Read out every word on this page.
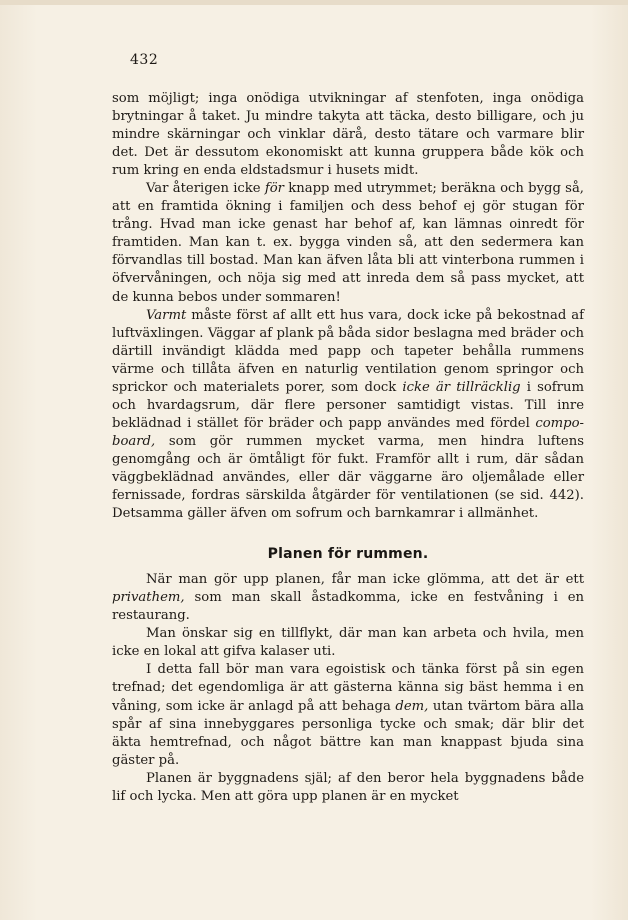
432

som möjligt; inga onödiga utvikningar af stenfoten, inga onödiga brytningar å taket. Ju mindre takyta att täcka, desto billigare, och ju mindre skärningar och vinklar därå, desto tätare och varmare blir det. Det är dessutom ekonomiskt att kunna gruppera både kök och rum kring en enda eldstadsmur i husets midt.

Var återigen icke för knapp med utrymmet; beräkna och bygg så, att en framtida ökning i familjen och dess behof ej gör stugan för trång. Hvad man icke genast har behof af, kan lämnas oinredt för framtiden. Man kan t. ex. bygga vinden så, att den sedermera kan förvandlas till bostad. Man kan äfven låta bli att vinterbona rummen i öfvervåningen, och nöja sig med att inreda dem så pass mycket, att de kunna bebos under sommaren!

Varmt måste först af allt ett hus vara, dock icke på bekostnad af luftväxlingen. Väggar af plank på båda sidor beslagna med bräder och därtill invändigt klädda med papp och tapeter behålla rummens värme och tillåta äfven en naturlig ventilation genom springor och sprickor och materialets porer, som dock icke är tillräcklig i sofrum och hvardagsrum, där flere personer samtidigt vistas. Till inre beklädnad i stället för bräder och papp användes med fördel compo-board, som gör rummen mycket varma, men hindra luftens genomgång och är ömtåligt för fukt. Framför allt i rum, där sådan väggbeklädnad användes, eller där väggarne äro oljemålade eller fernissade, fordras särskilda åtgärder för ventilationen (se sid. 442). Detsamma gäller äfven om sofrum och barnkamrar i allmänhet.

Planen för rummen.

När man gör upp planen, får man icke glömma, att det är ett privathem, som man skall åstadkomma, icke en festvåning i en restaurang.

Man önskar sig en tillflykt, där man kan arbeta och hvila, men icke en lokal att gifva kalaser uti.

I detta fall bör man vara egoistisk och tänka först på sin egen trefnad; det egendomliga är att gästerna känna sig bäst hemma i en våning, som icke är anlagd på att behaga dem, utan tvärtom bära alla spår af sina innebyggares personliga tycke och smak; där blir det äkta hemtrefnad, och något bättre kan man knappast bjuda sina gäster på.

Planen är byggnadens själ; af den beror hela byggnadens både lif och lycka. Men att göra upp planen är en mycket
